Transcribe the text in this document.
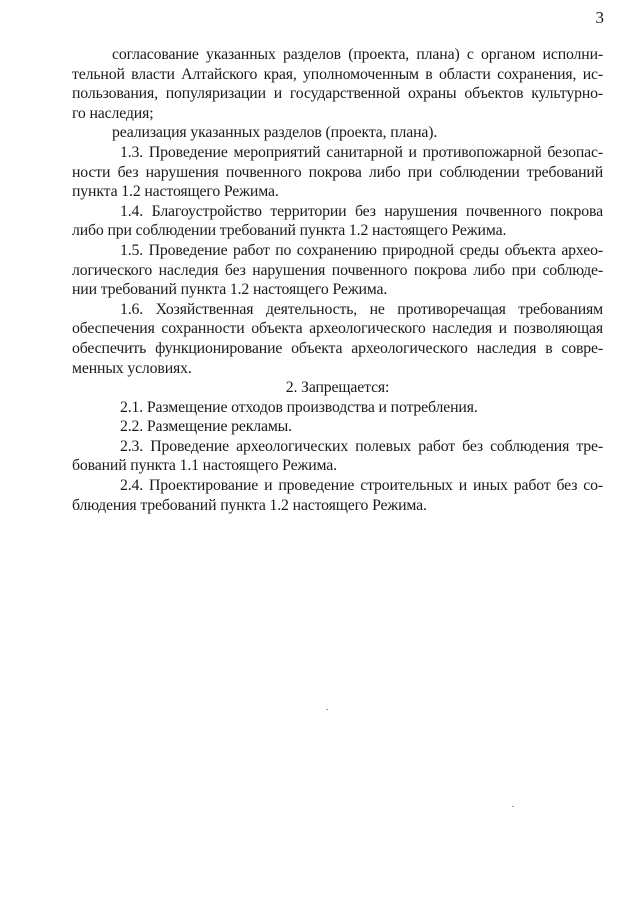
3
согласование указанных разделов (проекта, плана) с органом исполни-
тельной власти Алтайского края, уполномоченным в области сохранения, ис-
пользования, популяризации и государственной охраны объектов культурно-
го наследия;
реализация указанных разделов (проекта, плана).
1.3. Проведение мероприятий санитарной и противопожарной безопас-
ности без нарушения почвенного покрова либо при соблюдении требований
пункта 1.2 настоящего Режима.
1.4. Благоустройство территории без нарушения почвенного покрова
либо при соблюдении требований пункта 1.2 настоящего Режима.
1.5. Проведение работ по сохранению природной среды объекта архео-
логического наследия без нарушения почвенного покрова либо при соблюде-
нии требований пункта 1.2 настоящего Режима.
1.6. Хозяйственная деятельность, не противоречащая требованиям
обеспечения сохранности объекта археологического наследия и позволяющая
обеспечить функционирование объекта археологического наследия в совре-
менных условиях.
2. Запрещается:
2.1. Размещение отходов производства и потребления.
2.2. Размещение рекламы.
2.3. Проведение археологических полевых работ без соблюдения тре-
бований пункта 1.1 настоящего Режима.
2.4. Проектирование и проведение строительных и иных работ без со-
блюдения требований пункта 1.2 настоящего Режима.
